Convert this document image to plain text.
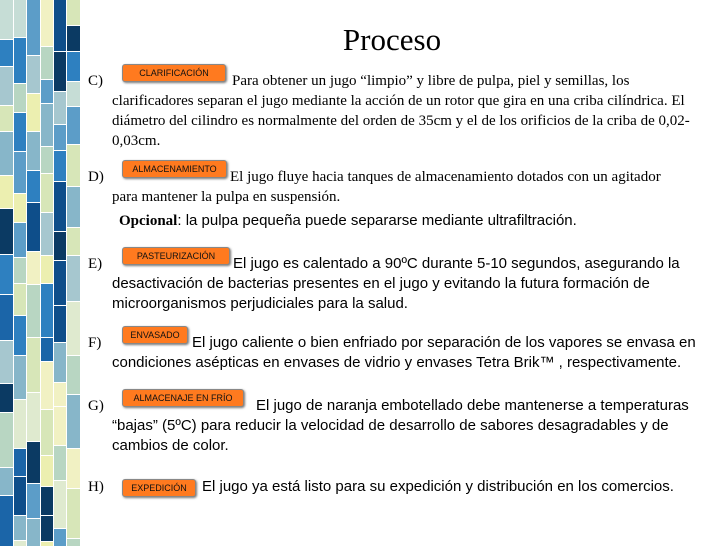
Proceso
C)	CLARIFICACIÓN	Para obtener un jugo “limpio” y libre de pulpa, piel y semillas, los
clarificadores separan el jugo mediante la acción de un rotor que gira en una criba cilíndrica. El diámetro del cilindro es normalmente del orden de 35cm y el de los orificios de la criba de 0,02-0,03cm.
D)	ALMACENAMIENTO El jugo fluye hacia tanques de almacenamiento dotados con un agitador
para mantener la pulpa en suspensión.
Opcional: la pulpa pequeña puede separarse mediante ultrafiltración.
E)	PASTEURIZACIÓN	El jugo es calentado a 90ºC durante 5-10 segundos, asegurando la
desactivación de bacterias presentes en el jugo y evitando la futura formación de microorganismos perjudiciales para la salud.
F)	ENVASADO El jugo caliente o bien enfriado por separación de los vapores se envasa en
condiciones asépticas en envases de vidrio y envases Tetra Brik™ , respectivamente.
G)	ALMACENAJE EN FRÍO	El jugo de naranja embotellado debe mantenerse a temperaturas
“bajas” (5ºC) para reducir la velocidad de desarrollo de sabores desagradables y de cambios de color.
H)	EXPEDICIÓN	El jugo ya está listo para su expedición y distribución en los comercios.
